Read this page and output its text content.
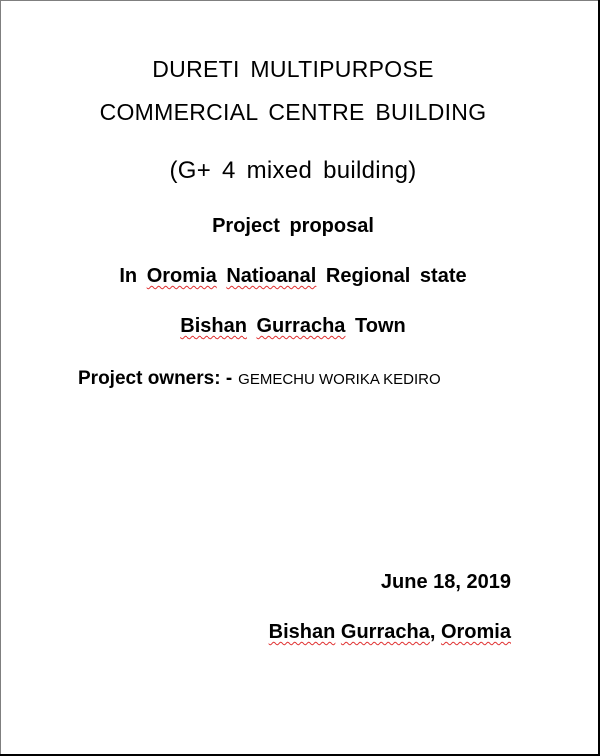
DURETI MULTIPURPOSE
COMMERCIAL CENTRE BUILDING
(G+ 4 mixed building)
Project proposal
In Oromia Natioanal Regional state
Bishan Gurracha Town
Project owners: - GEMECHU WORIKA KEDIRO
June 18, 2019
Bishan Gurracha, Oromia
